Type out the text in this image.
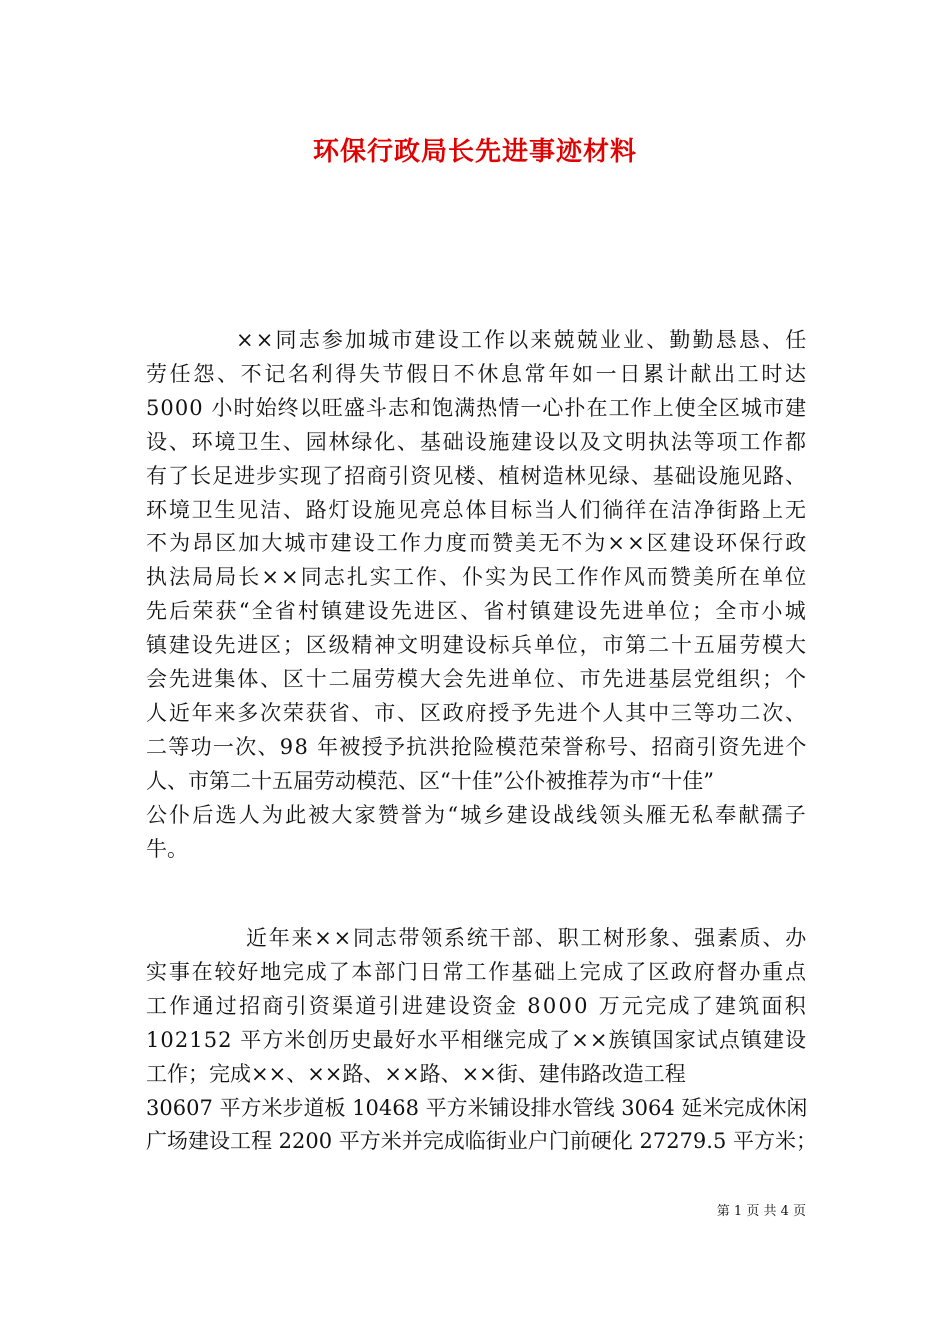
环保行政局长先进事迹材料
××同志参加城市建设工作以来兢兢业业、勤勤恳恳、任
劳任怨、不记名利得失节假日不休息常年如一日累计献出工时达
5000 小时始终以旺盛斗志和饱满热情一心扑在工作上使全区城市建
设、环境卫生、园林绿化、基础设施建设以及文明执法等项工作都
有了长足进步实现了招商引资见楼、植树造林见绿、基础设施见路、
环境卫生见洁、路灯设施见亮总体目标当人们徜徉在洁净街路上无
不为昂区加大城市建设工作力度而赞美无不为××区建设环保行政
执法局局长××同志扎实工作、仆实为民工作作风而赞美所在单位
先后荣获“全省村镇建设先进区、省村镇建设先进单位；全市小城
镇建设先进区；区级精神文明建设标兵单位，市第二十五届劳模大
会先进集体、区十二届劳模大会先进单位、市先进基层党组织；个
人近年来多次荣获省、市、区政府授予先进个人其中三等功二次、
二等功一次、98 年被授予抗洪抢险模范荣誉称号、招商引资先进个
人、市第二十五届劳动模范、区“十佳”公仆被推荐为市“十佳”
公仆后选人为此被大家赞誉为“城乡建设战线领头雁无私奉献孺子
牛。
近年来××同志带领系统干部、职工树形象、强素质、办
实事在较好地完成了本部门日常工作基础上完成了区政府督办重点
工作通过招商引资渠道引进建设资金 8000 万元完成了建筑面积
102152 平方米创历史最好水平相继完成了××族镇国家试点镇建设
工作；完成××、××路、××路、××街、建伟路改造工程
30607 平方米步道板 10468 平方米铺设排水管线 3064 延米完成休闲
广场建设工程 2200 平方米并完成临街业户门前硬化 27279.5 平方米；
第 1 页 共 4 页
